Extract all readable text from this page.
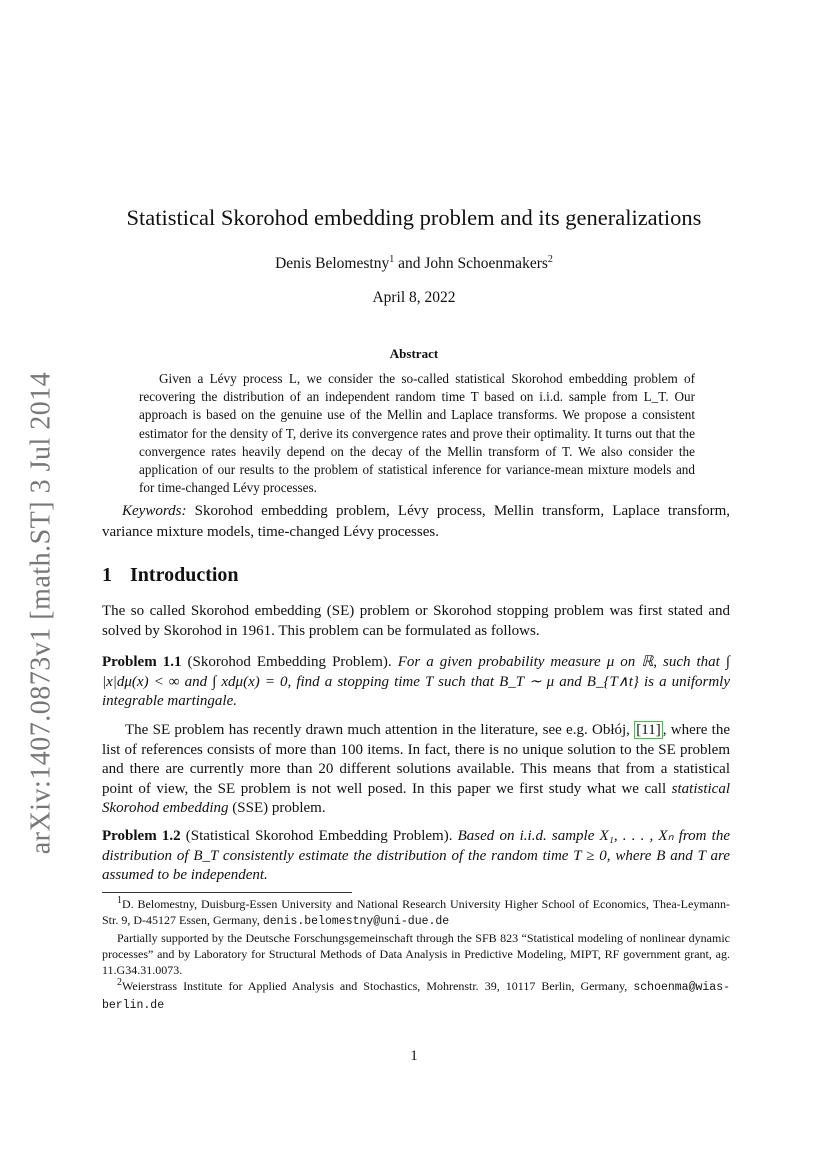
arXiv:1407.0873v1 [math.ST] 3 Jul 2014
Statistical Skorohod embedding problem and its generalizations
Denis Belomestny$^1$ and John Schoenmakers$^2$
April 8, 2022
Abstract
Given a Lévy process L, we consider the so-called statistical Skorohod embedding problem of recovering the distribution of an independent random time T based on i.i.d. sample from L_T. Our approach is based on the genuine use of the Mellin and Laplace transforms. We propose a consistent estimator for the density of T, derive its convergence rates and prove their optimality. It turns out that the convergence rates heavily depend on the decay of the Mellin transform of T. We also consider the application of our results to the problem of statistical inference for variance-mean mixture models and for time-changed Lévy processes.
Keywords: Skorohod embedding problem, Lévy process, Mellin transform, Laplace transform, variance mixture models, time-changed Lévy processes.
1 Introduction
The so called Skorohod embedding (SE) problem or Skorohod stopping problem was first stated and solved by Skorohod in 1961. This problem can be formulated as follows.
Problem 1.1 (Skorohod Embedding Problem). For a given probability measure μ on ℝ, such that ∫ |x|dμ(x) < ∞ and ∫ xdμ(x) = 0, find a stopping time T such that B_T ∼ μ and B_{T∧t} is a uniformly integrable martingale.
The SE problem has recently drawn much attention in the literature, see e.g. Obłój, [11] , where the list of references consists of more than 100 items. In fact, there is no unique solution to the SE problem and there are currently more than 20 different solutions available. This means that from a statistical point of view, the SE problem is not well posed. In this paper we first study what we call statistical Skorohod embedding (SSE) problem.
Problem 1.2 (Statistical Skorohod Embedding Problem). Based on i.i.d. sample X₁, . . . , Xₙ from the distribution of B_T consistently estimate the distribution of the random time T ≥ 0, where B and T are assumed to be independent.

$^1$D. Belomestny, Duisburg-Essen University and National Research University Higher School of Economics, Thea-Leymann-Str. 9, D-45127 Essen, Germany, denis.belomestny@uni-due.de

Partially supported by the Deutsche Forschungsgemeinschaft through the SFB 823 “Statistical modeling of nonlinear dynamic processes” and by Laboratory for Structural Methods of Data Analysis in Predictive Modeling, MIPT, RF government grant, ag. 11.G34.31.0073.

$^2$Weierstrass Institute for Applied Analysis and Stochastics, Mohrenstr. 39, 10117 Berlin, Germany, schoenma@wias-berlin.de

1
